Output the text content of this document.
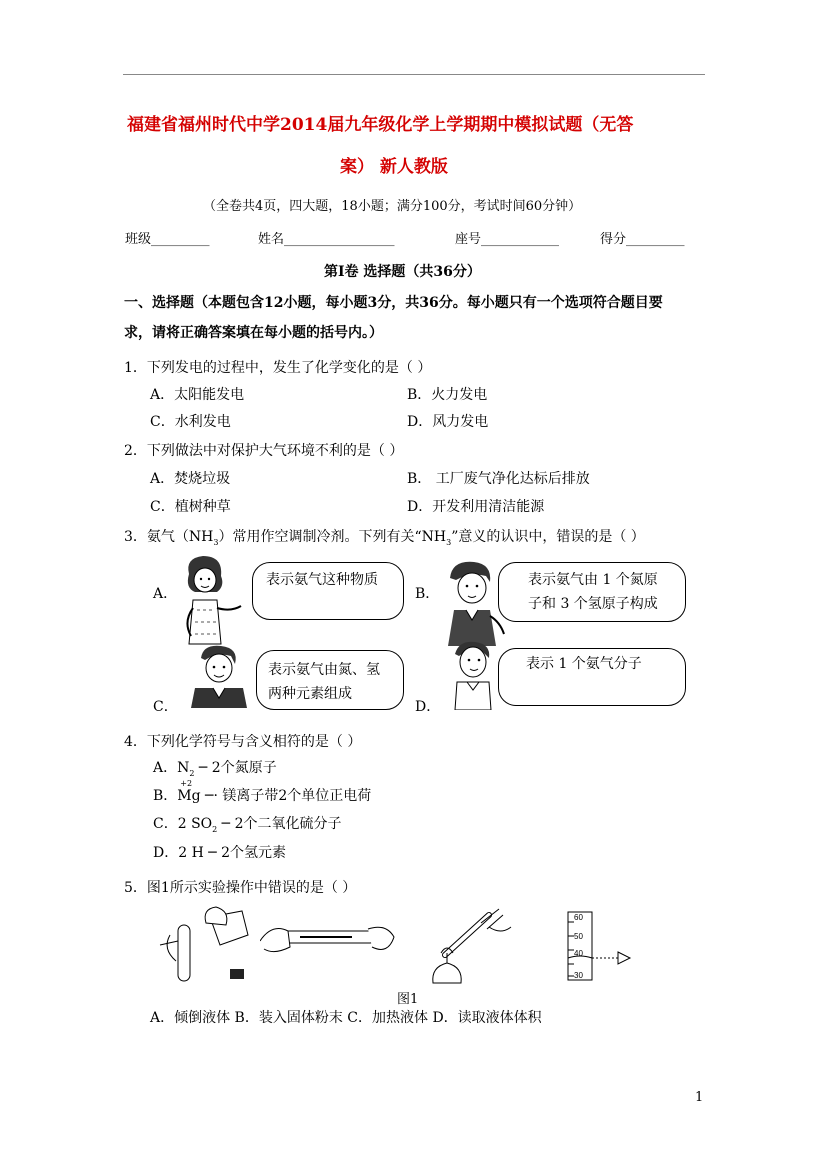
福建省福州时代中学2014届九年级化学上学期期中模拟试题（无答
案） 新人教版
（全卷共4页，四大题，18小题；满分100分，考试时间60分钟）
班级_________	姓名_________________	座号____________	得分_________
第Ⅰ卷 选择题（共36分）
一、选择题（本题包含12小题，每小题3分，共36分。每小题只有一个选项符合题目要
求，请将正确答案填在每小题的括号内。）
1．下列发电的过程中，发生了化学变化的是（ ）
A．太阳能发电	B．火力发电
C．水利发电	D．风力发电
2．下列做法中对保护大气环境不利的是（ ）
A．焚烧垃圾	B． 工厂废气净化达标后排放
C．植树种草	D．开发利用清洁能源
3．氨气$(NH_3)$常用作空调制冷剂。下列有关“$NH_3$”意义的认识中，错误的是（ ）
A．	B．
C．	D．
表示氨气这种物质	表示氨气由 1 个氮原
子和 3 个氢原子构成
表示氨气由氮、氢
两种元素组成
表示 1 个氨气分子
4．下列化学符号与含义相符的是（ ）
A．$N_2$ ─ 2个氮原子
B．
+2
Mg ─· 镁离子带2个单位正电荷
C．2 $SO_2$ ─ 2个二氧化硫分子
D．2 H ─ 2个氢元素
5．图1所示实验操作中错误的是（ ）
60
50
40
30
图1
A．倾倒液体 B．装入固体粉末 C．加热液体 D．读取液体体积
1
